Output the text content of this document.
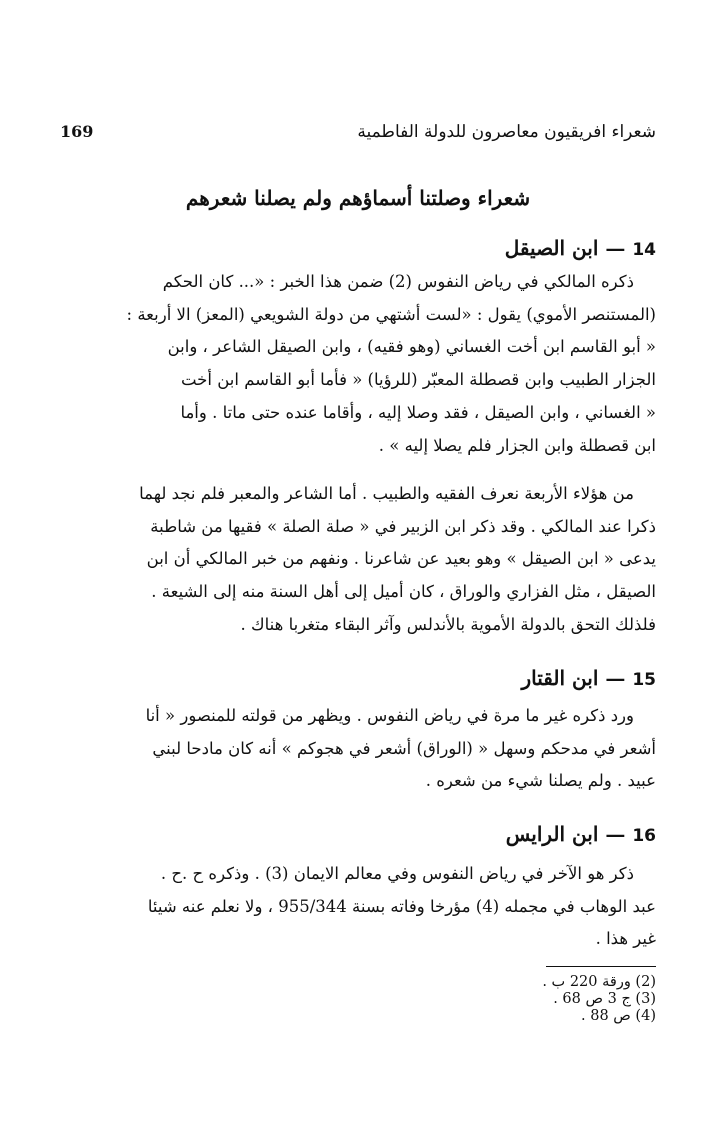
شعراء افريقيون معاصرون للدولة الفاطمية
169
شعراء وصلتنا أسماؤهم ولم يصلنا شعرهم
14 — ابن الصيقل
ذكره المالكي في رياض النفوس (2) ضمن هذا الخبر : «... كان الحكم
(المستنصر الأموي) يقول : «لست أشتهي من دولة الشويعي (المعز) الا أربعة :
« أبو القاسم ابن أخت الغساني (وهو فقيه) ، وابن الصيقل الشاعر ، وابن
الجزار الطبيب وابن قصطلة المعبّر (للرؤيا) « فأما أبو القاسم ابن أخت
« الغساني ، وابن الصيقل ، فقد وصلا إليه ، وأقاما عنده حتى ماتا . وأما
ابن قصطلة وابن الجزار فلم يصلا إليه » .
من هؤلاء الأربعة نعرف الفقيه والطبيب . أما الشاعر والمعبر فلم نجد لهما
ذكرا عند المالكي . وقد ذكر ابن الزبير في « صلة الصلة » فقيها من شاطبة
يدعى « ابن الصيقل » وهو بعيد عن شاعرنا . ونفهم من خبر المالكي أن ابن
الصيقل ، مثل الفزاري والوراق ، كان أميل إلى أهل السنة منه إلى الشيعة .
فلذلك التحق بالدولة الأموية بالأندلس وآثر البقاء متغربا هناك .
15 — ابن القتار
ورد ذكره غير ما مرة في رياض النفوس . ويظهر من قولته للمنصور « أنا
أشعر في مدحكم وسهل « (الوراق) أشعر في هجوكم » أنه كان مادحا لبني
عبيد . ولم يصلنا شيء من شعره .
16 — ابن الرايس
ذكر هو الآخر في رياض النفوس وفي معالم الايمان (3) . وذكره ح .ح .
عبد الوهاب في مجمله (4) مؤرخا وفاته بسنة 955/344 ، ولا نعلم عنه شيئا
غير هذا .
(2) ورقة 220 ب .
(3) ج 3 ص 68 .
(4) ص 88 .
